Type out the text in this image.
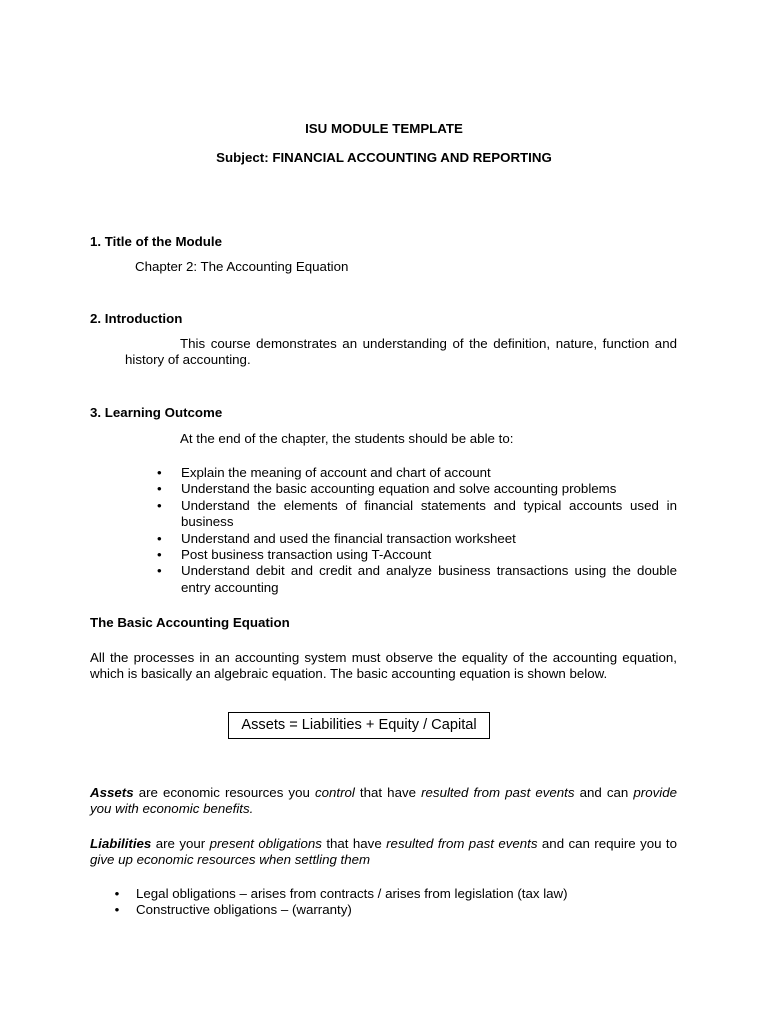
ISU MODULE TEMPLATE
Subject: FINANCIAL ACCOUNTING AND REPORTING
1. Title of the Module
Chapter 2: The Accounting Equation
2. Introduction
This course demonstrates an understanding of the definition, nature, function and history of accounting.
3. Learning Outcome
At the end of the chapter, the students should be able to:
•	Explain the meaning of account and chart of account
•	Understand the basic accounting equation and solve accounting problems
•	Understand the elements of financial statements and typical accounts used in business
•	Understand and used the financial transaction worksheet
•	Post business transaction using T-Account
•	Understand debit and credit and analyze business transactions using the double entry accounting
The Basic Accounting Equation
All the processes in an accounting system must observe the equality of the accounting equation, which is basically an algebraic equation. The basic accounting equation is shown below.
Assets = Liabilities + Equity / Capital
Assets are economic resources you control that have resulted from past events and can provide you with economic benefits.
Liabilities are your present obligations that have resulted from past events and can require you to give up economic resources when settling them
• Legal obligations – arises from contracts / arises from legislation (tax law)
• Constructive obligations – (warranty)
